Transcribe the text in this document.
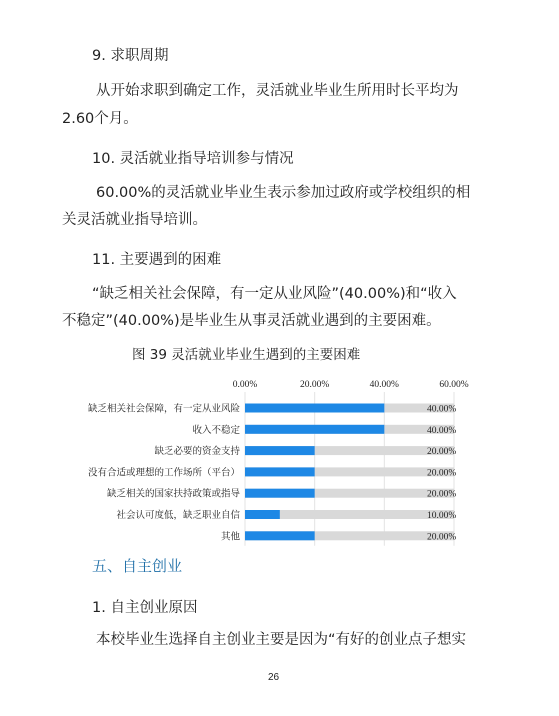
9. 求职周期
从开始求职到确定工作，灵活就业毕业生所用时长平均为
2.60个月。
10. 灵活就业指导培训参与情况
60.00%的灵活就业毕业生表示参加过政府或学校组织的相
关灵活就业指导培训。
11. 主要遇到的困难
“缺乏相关社会保障，有一定从业风险”(40.00%)和“收入
不稳定”(40.00%)是毕业生从事灵活就业遇到的主要困难。
图 39 灵活就业毕业生遇到的主要困难
0.00%	20.00%	40.00%	60.00%
缺乏相关社会保障，有一定从业风险
收入不稳定
缺乏必要的资金支持
没有合适或理想的工作场所（平台）
缺乏相关的国家扶持政策或指导
社会认可度低，缺乏职业自信
其他
40.00%
40.00%
20.00%
20.00%
20.00%
10.00%
20.00%
五、自主创业
1. 自主创业原因
本校毕业生选择自主创业主要是因为“有好的创业点子想实
26
